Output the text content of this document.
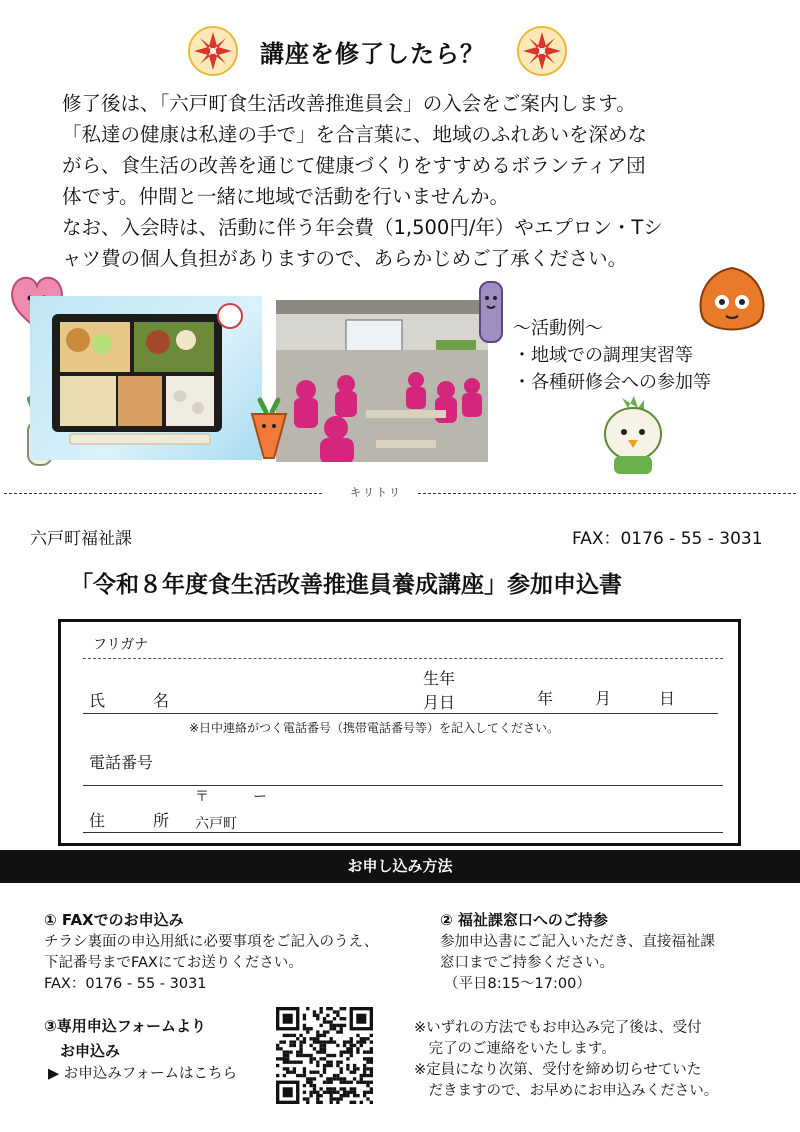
講座を修了したら？
修了後は、「六戸町食生活改善推進員会」の入会をご案内します。
「私達の健康は私達の手で」を合言葉に、地域のふれあいを深めな
がら、食生活の改善を通じて健康づくりをすすめるボランティア団
体です。仲間と一緒に地域で活動を行いませんか。
なお、入会時は、活動に伴う年会費（1,500円/年）やエプロン・Tシ
ャツ費の個人負担がありますので、あらかじめご了承ください。
〜活動例〜
・地域での調理実習等
・各種研修会への参加等
キリトリ
六戸町福祉課	FAX：0176 ‐ 55 ‐ 3031
「令和８年度食生活改善推進員養成講座」参加申込書
フリガナ
氏	名
生年
月日	年	月	日
※日中連絡がつく電話番号（携帯電話番号等）を記入してください。
電話番号
〒	ー
住	所 六戸町
お申し込み方法
① FAXでのお申込み
チラシ裏面の申込用紙に必要事項をご記入のうえ、
下記番号までFAXにてお送りください。
FAX：0176 ‐ 55 ‐ 3031
② 福祉課窓口へのご持参
参加申込書にご記入いただき、直接福祉課
窓口までご持参ください。
（平日8:15〜17:00）
③専用申込フォームより
お申込み
▶ お申込みフォームはこちら
※いずれの方法でもお申込み完了後は、受付
　完了のご連絡をいたします。
※定員になり次第、受付を締め切らせていた
　だきますので、お早めにお申込みください。
